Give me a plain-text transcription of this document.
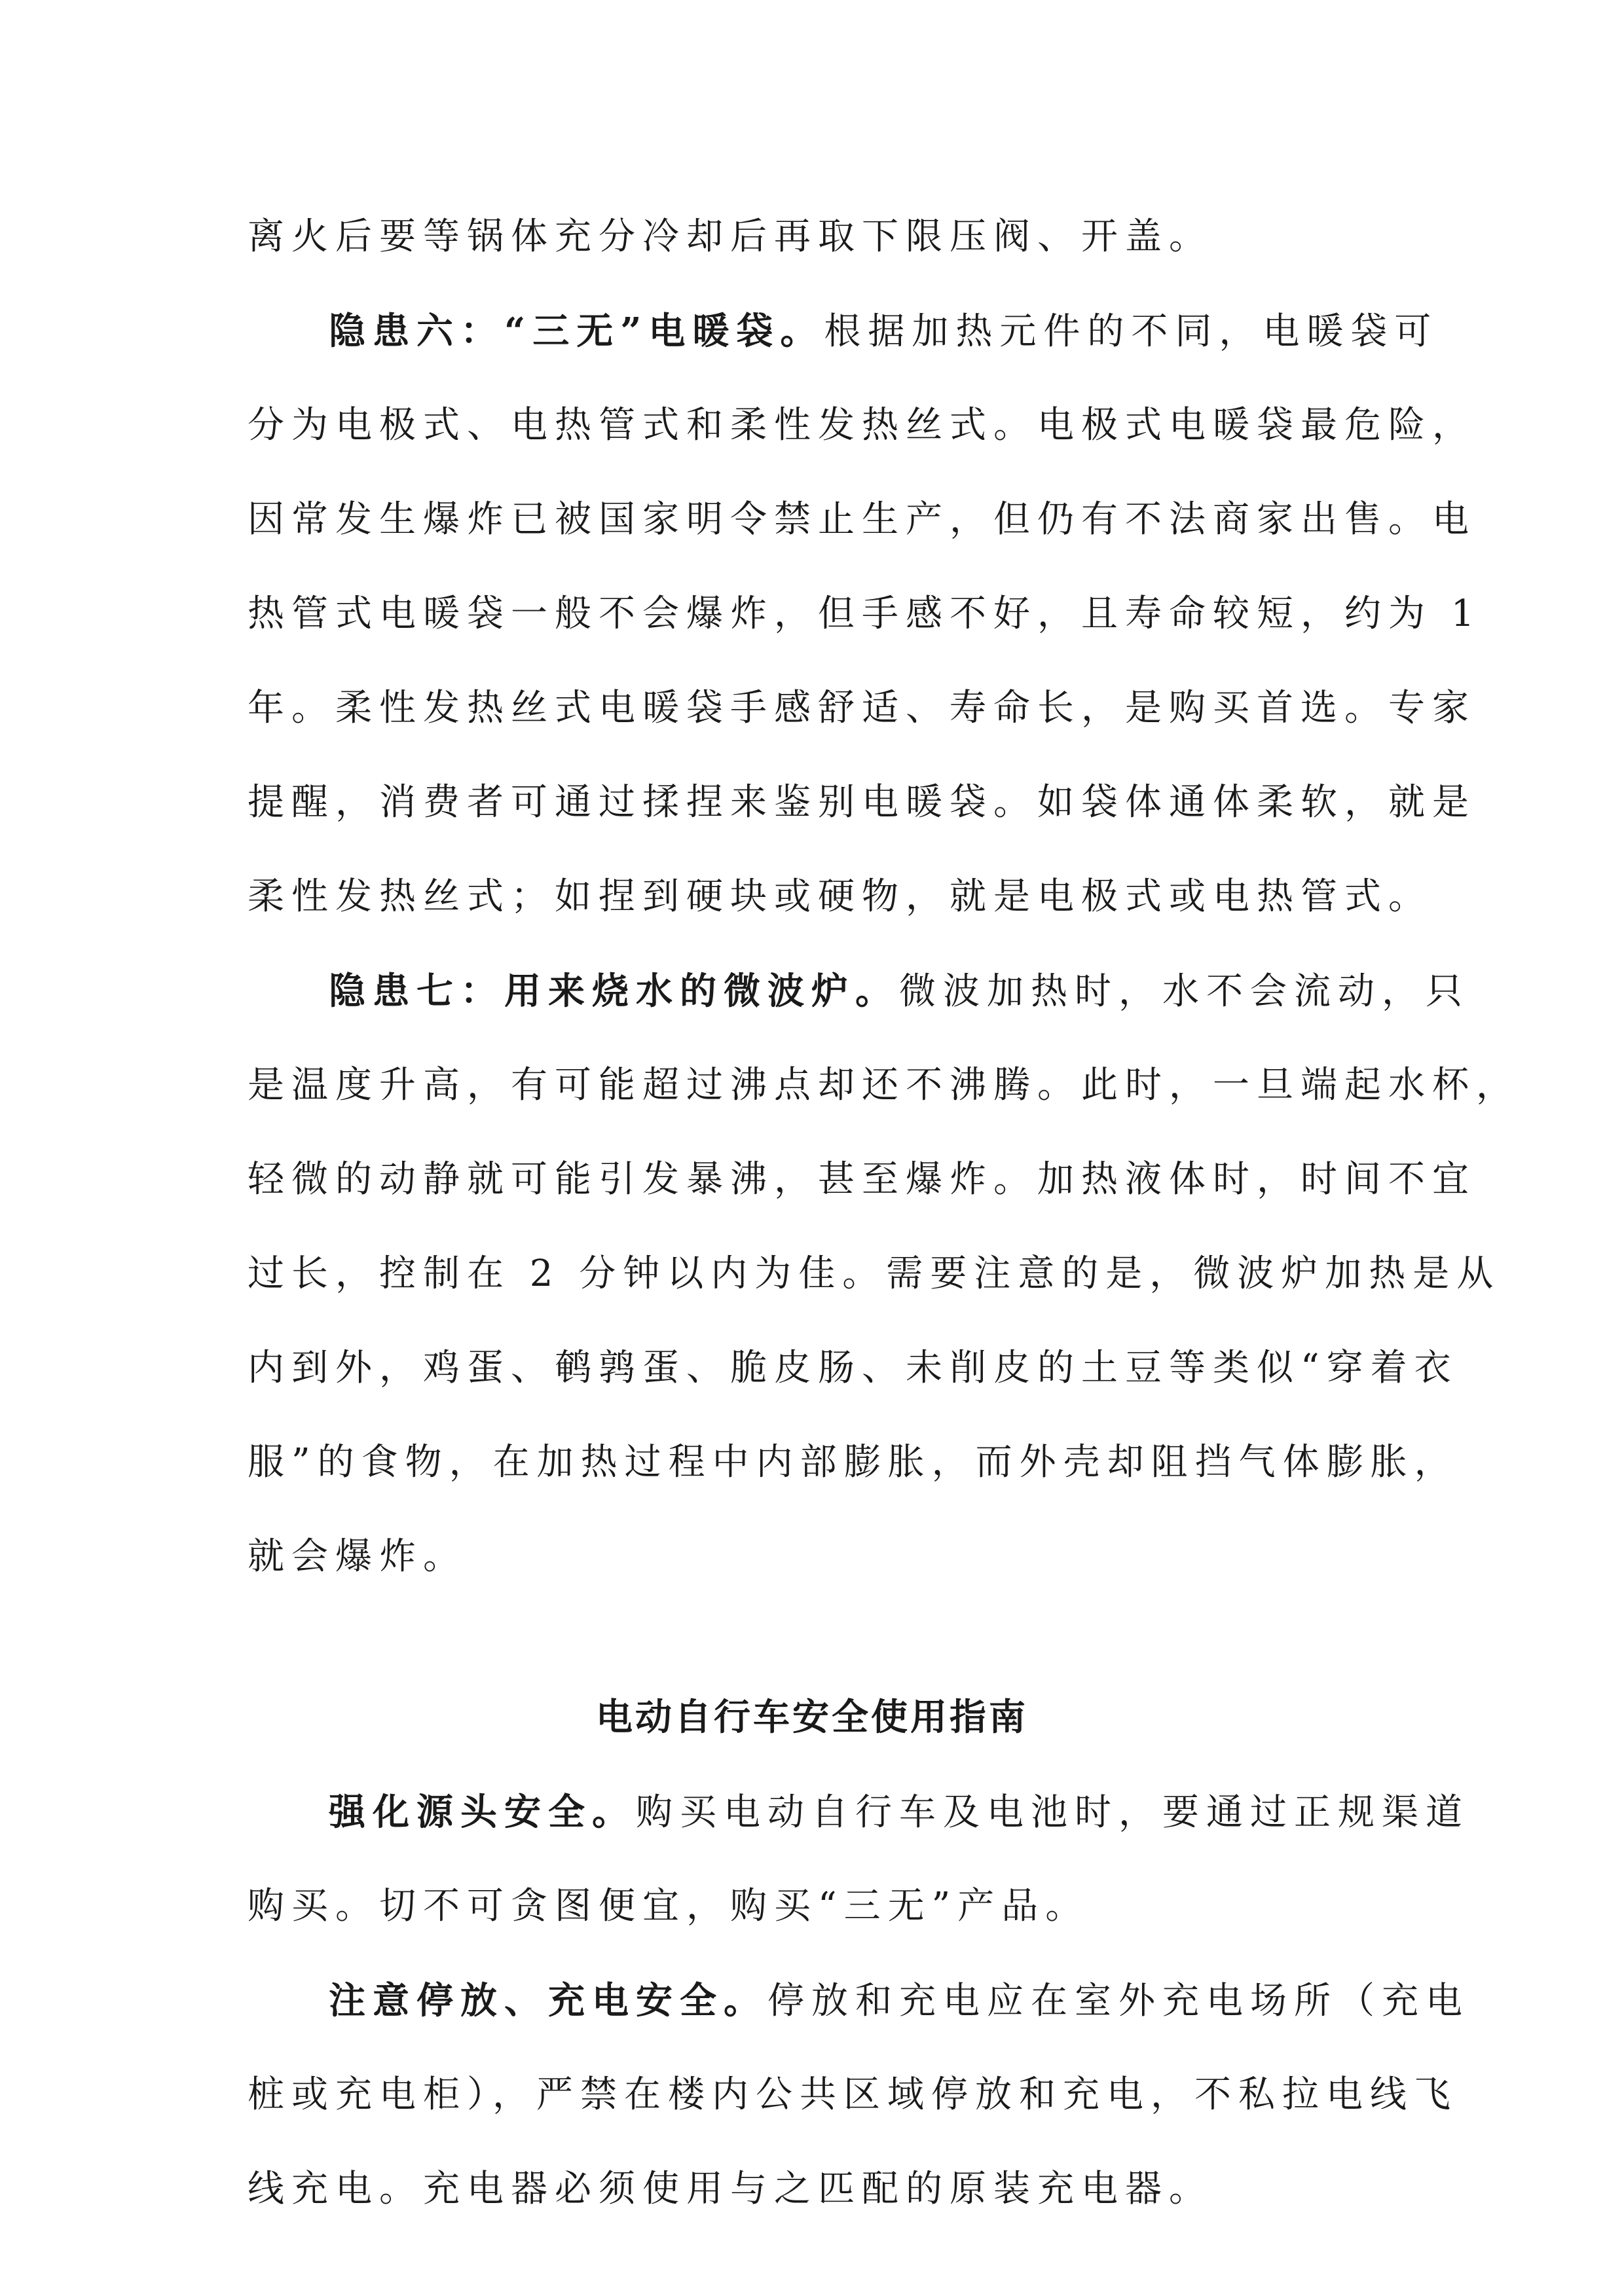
离火后要等锅体充分冷却后再取下限压阀、开盖。
隐患六：“三无”电暖袋。根据加热元件的不同，电暖袋可
分为电极式、电热管式和柔性发热丝式。电极式电暖袋最危险，
因常发生爆炸已被国家明令禁止生产，但仍有不法商家出售。电
热管式电暖袋一般不会爆炸，但手感不好，且寿命较短，约为 1
年。柔性发热丝式电暖袋手感舒适、寿命长，是购买首选。专家
提醒，消费者可通过揉捏来鉴别电暖袋。如袋体通体柔软，就是
柔性发热丝式；如捏到硬块或硬物，就是电极式或电热管式。
隐患七：用来烧水的微波炉。微波加热时，水不会流动，只
是温度升高，有可能超过沸点却还不沸腾。此时，一旦端起水杯，
轻微的动静就可能引发暴沸，甚至爆炸。加热液体时，时间不宜
过长，控制在 2 分钟以内为佳。需要注意的是，微波炉加热是从
内到外，鸡蛋、鹌鹑蛋、脆皮肠、未削皮的土豆等类似“穿着衣
服”的食物，在加热过程中内部膨胀，而外壳却阻挡气体膨胀，
就会爆炸。
电动自行车安全使用指南
强化源头安全。购买电动自行车及电池时，要通过正规渠道
购买。切不可贪图便宜，购买“三无”产品。
注意停放、充电安全。停放和充电应在室外充电场所（充电
桩或充电柜），严禁在楼内公共区域停放和充电，不私拉电线飞
线充电。充电器必须使用与之匹配的原装充电器。
